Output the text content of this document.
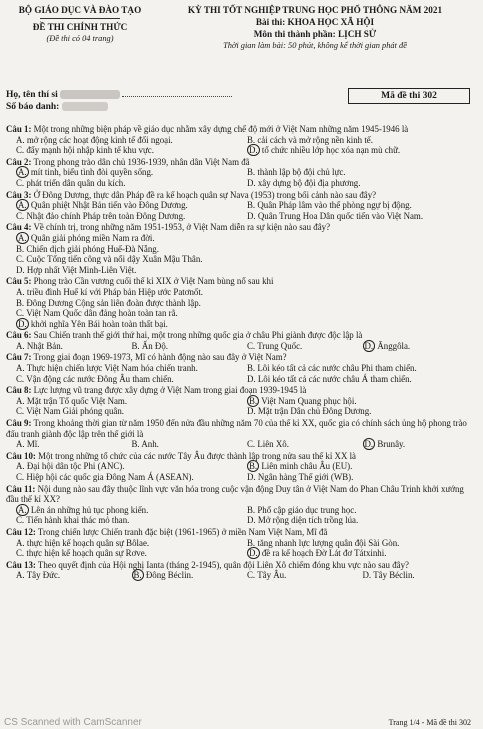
BỘ GIÁO DỤC VÀ ĐÀO TẠO
ĐỀ THI CHÍNH THỨC
(Đề thi có 04 trang)
KỲ THI TỐT NGHIỆP TRUNG HỌC PHỔ THÔNG NĂM 2021
Bài thi: KHOA HỌC XÃ HỘI
Môn thi thành phần: LỊCH SỬ
Thời gian làm bài: 50 phút, không kể thời gian phát đề
Họ, tên thí si
Số báo danh:
Mã đề thi 302
Câu 1: Một trong những biện pháp về giáo dục nhằm xây dựng chế độ mới ở Việt Nam những năm 1945-1946 là
A. mở rộng các hoạt động kinh tế đối ngoại.	B. cải cách và mở rộng nền kinh tế.
C. đẩy mạnh hội nhập kinh tế khu vực.	D. tổ chức nhiều lớp học xóa nạn mù chữ.
Câu 2: Trong phong trào dân chủ 1936-1939, nhân dân Việt Nam đã
A. mít tinh, biểu tình đòi quyền sống.	B. thành lập bộ đội chủ lực.
C. phát triển dân quân du kích.	D. xây dựng bộ đội địa phương.
Câu 3: Ở Đông Dương, thực dân Pháp đề ra kế hoạch quân sự Nava (1953) trong bối cảnh nào sau đây?
A. Quân phiệt Nhật Bản tiến vào Đông Dương.	B. Quân Pháp lâm vào thế phòng ngự bị động.
C. Nhật đảo chính Pháp trên toàn Đông Dương.	D. Quân Trung Hoa Dân quốc tiến vào Việt Nam.
Câu 4: Về chính trị, trong những năm 1951-1953, ở Việt Nam diễn ra sự kiện nào sau đây?
A. Quân giải phóng miền Nam ra đời.
B. Chiến dịch giải phóng Huế-Đà Nẵng.
C. Cuộc Tổng tiến công và nổi dậy Xuân Mậu Thân.
D. Hợp nhất Việt Minh-Liên Việt.
Câu 5: Phong trào Cần vương cuối thế kỉ XIX ở Việt Nam bùng nổ sau khi
A. triều đình Huế kí với Pháp bản Hiệp ước Patơnốt.
B. Đông Dương Cộng sản liên đoàn được thành lập.
C. Việt Nam Quốc dân đảng hoàn toàn tan rã.
D. khởi nghĩa Yên Bái hoàn toàn thất bại.
Câu 6: Sau Chiến tranh thế giới thứ hai, một trong những quốc gia ở châu Phi giành được độc lập là
A. Nhật Bản.	B. Ấn Độ.	C. Trung Quốc.	D. Ănggôla.
Câu 7: Trong giai đoạn 1969-1973, Mĩ có hành động nào sau đây ở Việt Nam?
A. Thực hiện chiến lược Việt Nam hóa chiến tranh.	B. Lôi kéo tất cả các nước châu Phi tham chiến.
C. Vận động các nước Đông Âu tham chiến.	D. Lôi kéo tất cả các nước châu Á tham chiến.
Câu 8: Lực lượng vũ trang được xây dựng ở Việt Nam trong giai đoạn 1939-1945 là
A. Mặt trận Tổ quốc Việt Nam.	B. Việt Nam Quang phục hội.
C. Việt Nam Giải phóng quân.	D. Mặt trận Dân chủ Đông Dương.
Câu 9: Trong khoảng thời gian từ năm 1950 đến nửa đầu những năm 70 của thế kỉ XX, quốc gia có chính sách ủng hộ phong trào đấu tranh giành độc lập trên thế giới là
A. Mĩ.	B. Anh.	C. Liên Xô.	D. Brunây.
Câu 10: Một trong những tổ chức của các nước Tây Âu được thành lập trong nửa sau thế kỉ XX là
A. Đại hội dân tộc Phi (ANC).	B. Liên minh châu Âu (EU).
C. Hiệp hội các quốc gia Đông Nam Á (ASEAN).	D. Ngân hàng Thế giới (WB).
Câu 11: Nội dung nào sau đây thuộc lĩnh vực văn hóa trong cuộc vận động Duy tân ở Việt Nam do Phan Châu Trinh khởi xướng đầu thế kỉ XX?
A. Lên án những hủ tục phong kiến.	B. Phổ cập giáo dục trung học.
C. Tiến hành khai thác mỏ than.	D. Mở rộng diện tích trồng lúa.
Câu 12: Trong chiến lược Chiến tranh đặc biệt (1961-1965) ở miền Nam Việt Nam, Mĩ đã
A. thực hiện kế hoạch quân sự Bôlae.	B. tăng nhanh lực lượng quân đội Sài Gòn.
C. thực hiện kế hoạch quân sự Rơve.	D. đề ra kế hoạch Đờ Lát đơ Tátxinhi.
Câu 13: Theo quyết định của Hội nghị Ianta (tháng 2-1945), quân đội Liên Xô chiếm đóng khu vực nào sau đây?
A. Tây Đức.	B. Đông Béclin.	C. Tây Âu.	D. Tây Béclin.
CS Scanned with CamScanner	Trang 1/4 - Mã đề thi 302
